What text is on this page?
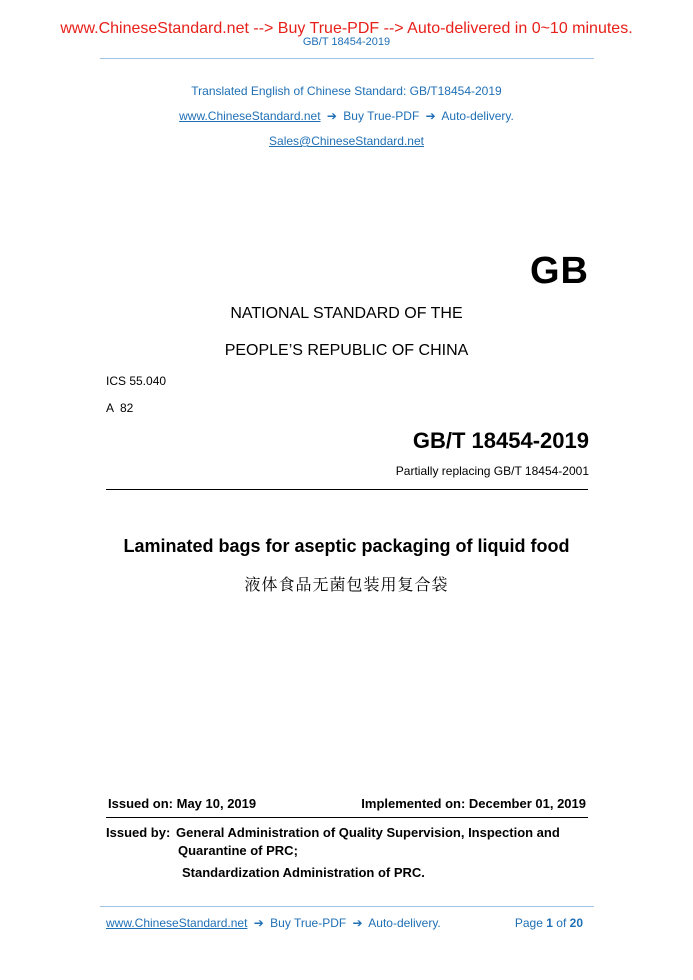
www.ChineseStandard.net --> Buy True-PDF --> Auto-delivered in 0~10 minutes.
GB/T 18454-2019
Translated English of Chinese Standard: GB/T18454-2019
www.ChineseStandard.net ➔ Buy True-PDF ➔ Auto-delivery.
Sales@ChineseStandard.net
GB
NATIONAL STANDARD OF THE
PEOPLE’S REPUBLIC OF CHINA
ICS 55.040
A  82
GB/T 18454-2019
Partially replacing GB/T 18454-2001
Laminated bags for aseptic packaging of liquid food
液体食品无菌包装用复合袋
Issued on: May 10, 2019	Implemented on: December 01, 2019
Issued by: General Administration of Quality Supervision, Inspection and
Quarantine of PRC;
Standardization Administration of PRC.
www.ChineseStandard.net ➔ Buy True-PDF ➔ Auto-delivery.	Page 1 of 20
